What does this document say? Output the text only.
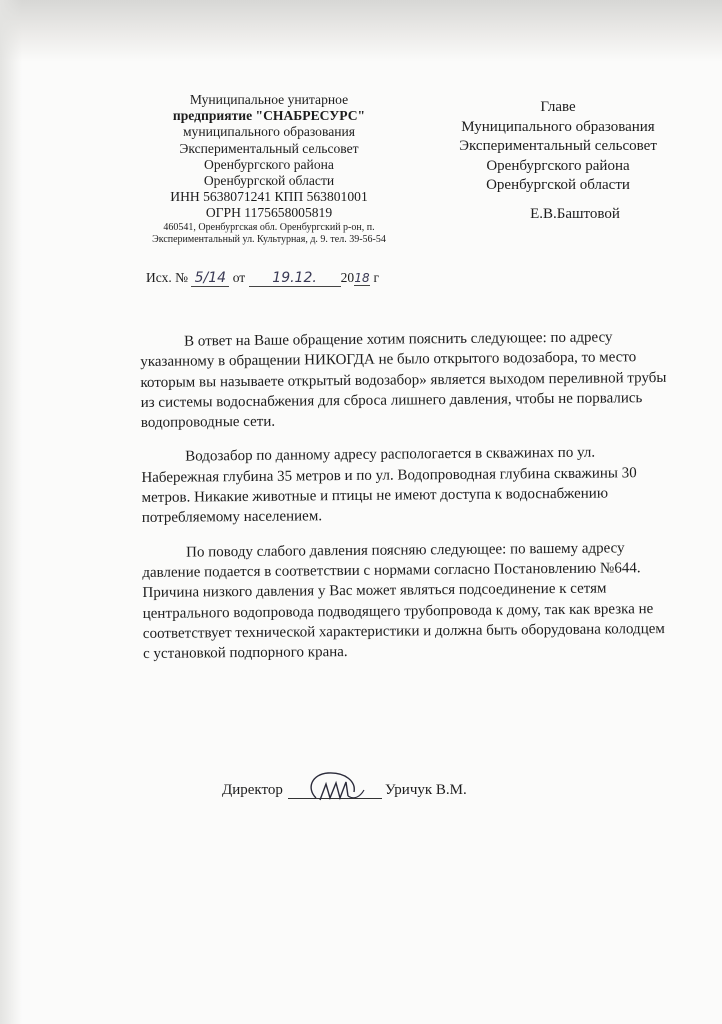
Муниципальное унитарное
предприятие "СНАБРЕСУРС"
муниципального образования
Экспериментальный сельсовет
Оренбургского района
Оренбургской области
ИНН 5638071241 КПП 563801001
ОГРН 1175658005819
460541, Оренбургская обл. Оренбургский р-он, п. Экспериментальный ул. Культурная, д. 9. тел. 39-56-54
Главе
Муниципального образования
Экспериментальный сельсовет
Оренбургского района
Оренбургской области
Е.В.Баштовой
Исх. № 5/14 от 19.12. 2018 г

В ответ на Ваше обращение хотим пояснить следующее: по адресу указанному в обращении НИКОГДА не было открытого водозабора, то место которым вы называете открытый водозабор» является выходом переливной трубы из системы водоснабжения для сброса лишнего давления, чтобы не порвались водопроводные сети.

Водозабор по данному адресу распологается в скважинах по ул. Набережная глубина 35 метров и по ул. Водопроводная глубина скважины 30 метров. Никакие животные и птицы не имеют доступа к водоснабжению потребляемому населением.

По поводу слабого давления поясняю следующее: по вашему адресу давление подается в соответствии с нормами согласно Постановлению №644. Причина низкого давления у Вас может являться подсоединение к сетям центрального водопровода подводящего трубопровода к дому, так как врезка не соответствует технической характеристики и должна быть оборудована колодцем с установкой подпорного крана.

Директор	Уричук В.М.
